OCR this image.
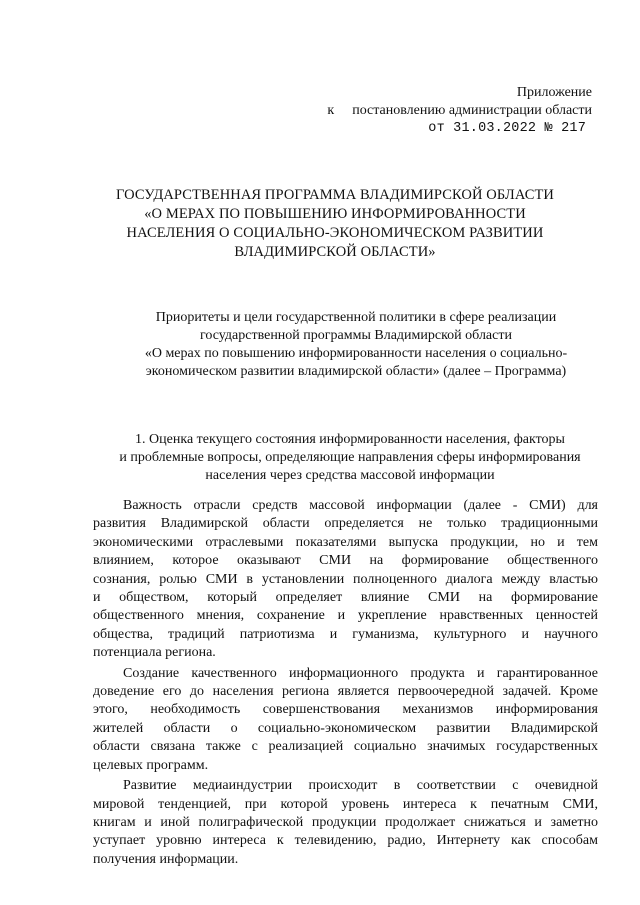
Приложение
к постановлению администрации области
от 31.03.2022 № 217
ГОСУДАРСТВЕННАЯ ПРОГРАММА ВЛАДИМИРСКОЙ ОБЛАСТИ
«О МЕРАХ ПО ПОВЫШЕНИЮ ИНФОРМИРОВАННОСТИ
НАСЕЛЕНИЯ О СОЦИАЛЬНО-ЭКОНОМИЧЕСКОМ РАЗВИТИИ
ВЛАДИМИРСКОЙ ОБЛАСТИ»
Приоритеты и цели государственной политики в сфере реализации
государственной программы Владимирской области
«О мерах по повышению информированности населения о социально-
экономическом развитии владимирской области» (далее – Программа)
1. Оценка текущего состояния информированности населения, факторы
и проблемные вопросы, определяющие направления сферы информирования
населения через средства массовой информации

Важность отрасли средств массовой информации (далее - СМИ) для
развития Владимирской области определяется не только традиционными
экономическими отраслевыми показателями выпуска продукции, но и тем
влиянием, которое оказывают СМИ на формирование общественного
сознания, ролью СМИ в установлении полноценного диалога между властью
и обществом, который определяет влияние СМИ на формирование
общественного мнения, сохранение и укрепление нравственных ценностей
общества, традиций патриотизма и гуманизма, культурного и научного
потенциала региона.

Создание качественного информационного продукта и гарантированное
доведение его до населения региона является первоочередной задачей. Кроме
этого, необходимость совершенствования механизмов информирования
жителей области о социально-экономическом развитии Владимирской
области связана также с реализацией социально значимых государственных
целевых программ.

Развитие медиаиндустрии происходит в соответствии с очевидной
мировой тенденцией, при которой уровень интереса к печатным СМИ,
книгам и иной полиграфической продукции продолжает снижаться и заметно
уступает уровню интереса к телевидению, радио, Интернету как способам
получения информации.
